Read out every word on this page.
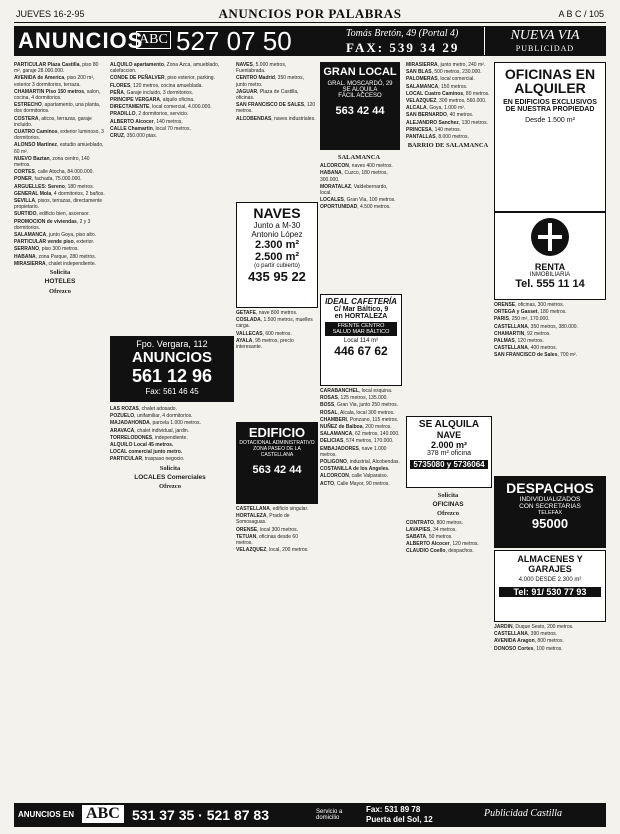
JUEVES 16-2-95	ANUNCIOS POR PALABRAS	A B C / 105
ANUNCIOS
ABC 527 07 50	Tomás Bretón, 49 (Portal 4)
FAX: 539 34 29
NUEVA VIA
PUBLICIDAD

PARTICULAR Plaza Castilla, piso 80 m², garaje 28.000.000.

AVENIDA de America, piso 200 m², exterior 3 dormitorios, terraza.

CHAMARTIN Piso 150 metros, salon, cocina, 4 dormitorios.

ESTRECHO, apartamento, una planta, dos dormitorios.

COSTERA, aticos, terrazas, garaje incluido.

CUATRO Caminos, exterior luminoso, 3 dormitorios.

ALONSO Martinez, estudio amueblado, 60 m².

NUEVO Baztan, zona centro, 140 metros.

CORTES, calle Atocha, 84.000.000.

PONER, fachada, 75.000.000.

ARGUELLES: Sereno, 180 metros.

GENERAL Mola, 4 dormitorios, 2 baños.

SEVILLA, pisos, terrazas, directamente propietario.

SURTIDO, edificio bien, ascensor.

PROMOCION de viviendas, 2 y 3 dormitorios.

SALAMANCA, junto Goya, piso alto.

PARTICULAR vende piso, exterior.

SERRANO, piso 300 metros.

HABANA, zona Parque, 280 metros.

MIRASIERRA, chalet independiente.

Solicita
HOTELES
Ofrezco

ALQUILO apartamento, Zona Azca, amueblado, calefaccion.

CONDE DE PEÑALVER, piso exterior, parking.

FLORES, 120 metros, cocina amueblada.

PEÑA, Garaje incluido, 3 dormitorios.

PRINCIPE VERGARA, alquilo oficina.

DIRECTAMENTE, local comercial, 4.000.000.

PRADILLO, 2 dormitorios, servicio.

ALBERTO Alcocer, 140 metros.

CALLE Chamartin, local 70 metros.

CRUZ, 350.000 ptas.

Fpo. Vergara, 112
ANUNCIOS
561 12 96
Fax: 561 46 45

LAS ROZAS, chalet adosado.

POZUELO, unifamiliar, 4 dormitorios.

MAJADAHONDA, parcela 1.000 metros.

ARAVACA, chalet individual, jardin.

TORRELODONES, independiente.

ALQUILO Local 45 metros.

LOCAL comercial junto metro.

PARTICULAR, traspaso negocio.

Solicita
LOCALES Comerciales
Ofrezco

NAVES, 5.000 metros, Fuenlabrada.

CENTRO Madrid, 350 metros, junto metro.

JAGUAR, Plaza de Castilla, oficinas.

SAN FRANCISCO DE SALES, 120 metros.

ALCOBENDAS, naves industriales.

NAVES
Junto a M-30
Antonio López
2.300 m²
2.500 m²
(o partir cubierto)
435 95 22
EDIFICIO
DOTACIONAL ADMINISTRATIVO
ZONA PASEO DE LA CASTELLANA
563 42 44

GETAFE, nave 800 metros.

COSLADA, 1.500 metros, muelles carga.

VALLECAS, 600 metros.

AYALA, 95 metros, precio interesante.

CASTELLANA, edificio singular.

HORTALEZA, Prado de Somosaguas.

ORENSE, local 300 metros.

TETUAN, oficinas desde 60 metros.

VELAZQUEZ, local, 200 metros.

GRAN LOCAL
GRAL. MOSCARDÓ, 29
SE ALQUILA
FÁCIL ACCESO
563 42 44
SALAMANCA

ALCORCON, naves 400 metros.

HABANA, Cuzco, 180 metros, 300.000.

MORATALAZ, Valdebernardo, local.

LOCALES, Gran Via, 100 metros.

OPORTUNIDAD, 4.500 metros.

IDEAL CAFETERÍA
C/ Mar Báltico, 9
en HORTALEZA
FRENTE CENTRO
SALUD MAR BÁLTICO
Local 114 m²
446 67 62

CARABANCHEL, local esquina.

ROSAS, 125 metros, 135.000.

BOSS, Gran Via, junto 250 metros.

ROSAL, Alcala, local 300 metros.

CHAMBERI, Ponzano, 115 metros.

NUÑEZ de Balboa, 200 metros.

SALAMANCA, 62 metros, 140.000.

DELICIAS, 574 metros, 170.000.

EMBAJADORES, nave 1.000 metros.

POLIGONO, industrial, Alcobendas.

COSTANILLA de los Angeles.

ALCORCON, calle Valparaiso.

ACTO, Calle Mayor, 90 metros.

MIRASIERRA, junto metro, 240 m².

SAN BLAS, 500 metros, 230.000.

PALOMERAS, local comercial.

SALAMANCA, 150 metros.

LOCAL Cuatro Caminos, 80 metros.

VELAZQUEZ, 300 metros, 560.000.

ALCALA, Goya, 1.000 m².

SAN BERNARDO, 40 metros.

ALEJANDRO Sanchez, 130 metros.

PRINCESA, 140 metros.

PANTALLAS, 8.000 metros.

BARRIO DE SALAMANCA
SE ALQUILA
NAVE
2.000 m²
378 m² oficina
5735080 y 5736064
Solicita
OFICINAS
Ofrezco

CONTRATO, 800 metros.

LAVAPIES, 34 metros.

SABATA, 50 metros.

ALBERTO Alcocer, 120 metros.

CLAUDIO Coello, despachos.

OFICINAS EN ALQUILER
EN EDIFICIOS EXCLUSIVOS DE NUESTRA PROPIEDAD
Desde 1.500 m²
RENTA
INMOBILIARIA
Tel. 555 11 14

ORENSE, oficinas, 300 metros.

ORTEGA y Gasset, 180 metros.

PARIS, 250 m², 170.000.

CASTELLANA, 350 metros, 380.000.

CHAMARTIN, 92 metros.

PALMAS, 120 metros.

CASTELLANA, 400 metros.

SAN FRANCISCO de Sales, 700 m².

DESPACHOS
INDIVIDUALIZADOS
CON SECRETARIAS
TELEFAX
95000
ALMACENES Y GARAJES
4.000 DESDE 2.300 m²
Tel: 91/ 530 77 93

JARDIN, Duque Sesto, 200 metros.

CASTELLANA, 390 metros.

AVENIDA Aragon, 800 metros.

DONOSO Cortes, 100 metros.

ANUNCIOS EN ABC 531 37 35 · 521 87 83	Servicio a domicilio
Fax: 531 89 78
Puerta del Sol, 12
Publicidad Castilla
